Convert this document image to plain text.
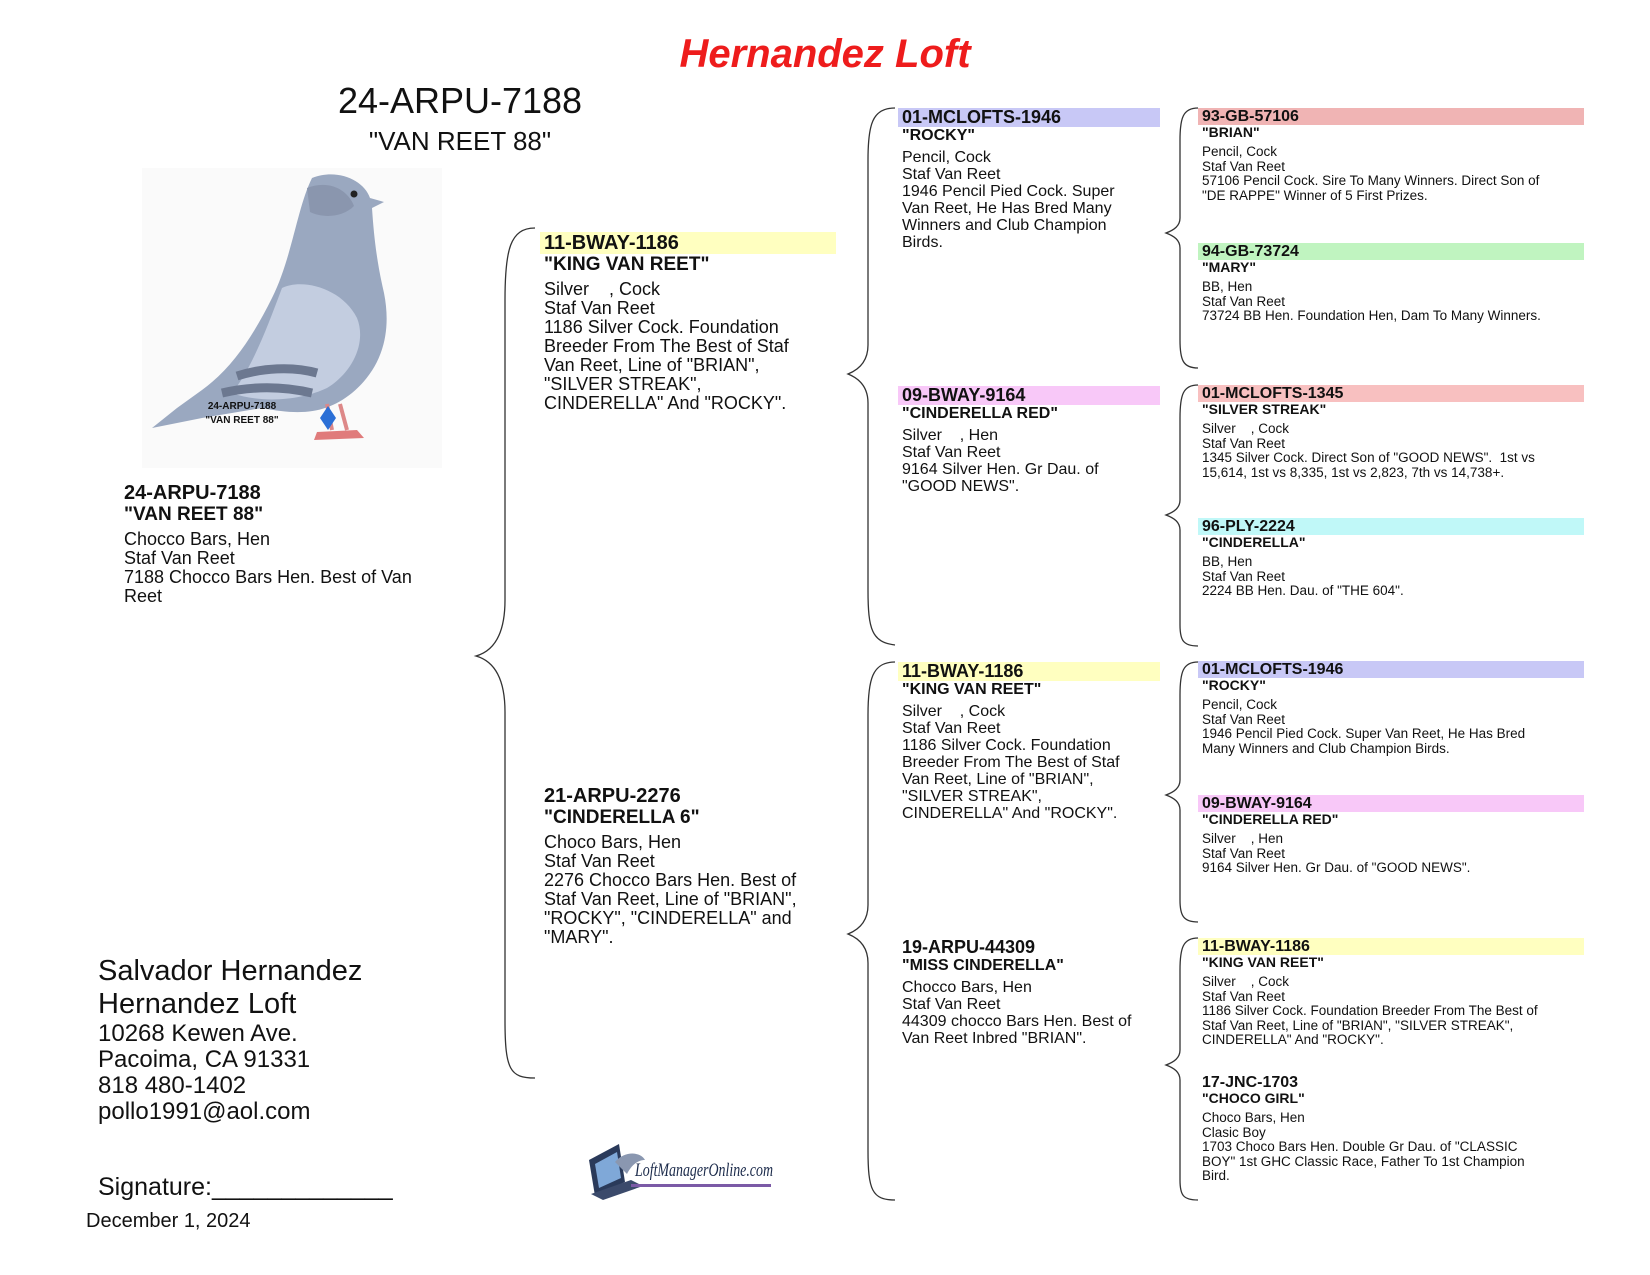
Hernandez Loft
24-ARPU-7188
"VAN REET 88"
24-ARPU-7188
"VAN REET 88"
24-ARPU-7188
"VAN REET 88"
Chocco Bars, Hen
Staf Van Reet
7188 Chocco Bars Hen. Best of Van
Reet
11-BWAY-1186
"KING VAN REET"
Silver    , Cock
Staf Van Reet
1186 Silver Cock. Foundation
Breeder From The Best of Staf
Van Reet, Line of "BRIAN",
"SILVER STREAK",
CINDERELLA" And "ROCKY".
21-ARPU-2276
"CINDERELLA 6"
Choco Bars, Hen
Staf Van Reet
2276 Chocco Bars Hen. Best of
Staf Van Reet, Line of "BRIAN",
"ROCKY", "CINDERELLA" and
"MARY".
01-MCLOFTS-1946
"ROCKY"
Pencil, Cock
Staf Van Reet
1946 Pencil Pied Cock. Super
Van Reet, He Has Bred Many
Winners and Club Champion
Birds.
09-BWAY-9164
"CINDERELLA RED"
Silver    , Hen
Staf Van Reet
9164 Silver Hen. Gr Dau. of
"GOOD NEWS".
11-BWAY-1186
"KING VAN REET"
Silver    , Cock
Staf Van Reet
1186 Silver Cock. Foundation
Breeder From The Best of Staf
Van Reet, Line of "BRIAN",
"SILVER STREAK",
CINDERELLA" And "ROCKY".
19-ARPU-44309
"MISS CINDERELLA"
Chocco Bars, Hen
Staf Van Reet
44309 chocco Bars Hen. Best of
Van Reet Inbred "BRIAN".
93-GB-57106
"BRIAN"
Pencil, Cock
Staf Van Reet
57106 Pencil Cock. Sire To Many Winners. Direct Son of
"DE RAPPE" Winner of 5 First Prizes.
94-GB-73724
"MARY"
BB, Hen
Staf Van Reet
73724 BB Hen. Foundation Hen, Dam To Many Winners.
01-MCLOFTS-1345
"SILVER STREAK"
Silver    , Cock
Staf Van Reet
1345 Silver Cock. Direct Son of "GOOD NEWS".  1st vs
15,614, 1st vs 8,335, 1st vs 2,823, 7th vs 14,738+.
96-PLY-2224
"CINDERELLA"
BB, Hen
Staf Van Reet
2224 BB Hen. Dau. of "THE 604".
01-MCLOFTS-1946
"ROCKY"
Pencil, Cock
Staf Van Reet
1946 Pencil Pied Cock. Super Van Reet, He Has Bred
Many Winners and Club Champion Birds.
09-BWAY-9164
"CINDERELLA RED"
Silver    , Hen
Staf Van Reet
9164 Silver Hen. Gr Dau. of "GOOD NEWS".
11-BWAY-1186
"KING VAN REET"
Silver    , Cock
Staf Van Reet
1186 Silver Cock. Foundation Breeder From The Best of
Staf Van Reet, Line of "BRIAN", "SILVER STREAK",
CINDERELLA" And "ROCKY".
17-JNC-1703
"CHOCO GIRL"
Choco Bars, Hen
Clasic Boy
1703 Choco Bars Hen. Double Gr Dau. of "CLASSIC
BOY" 1st GHC Classic Race, Father To 1st Champion
Bird.
Salvador Hernandez
Hernandez Loft
10268 Kewen Ave.
Pacoima, CA 91331
818 480-1402
pollo1991@aol.com
Signature:_____________
December 1, 2024
LoftManagerOnline.com
